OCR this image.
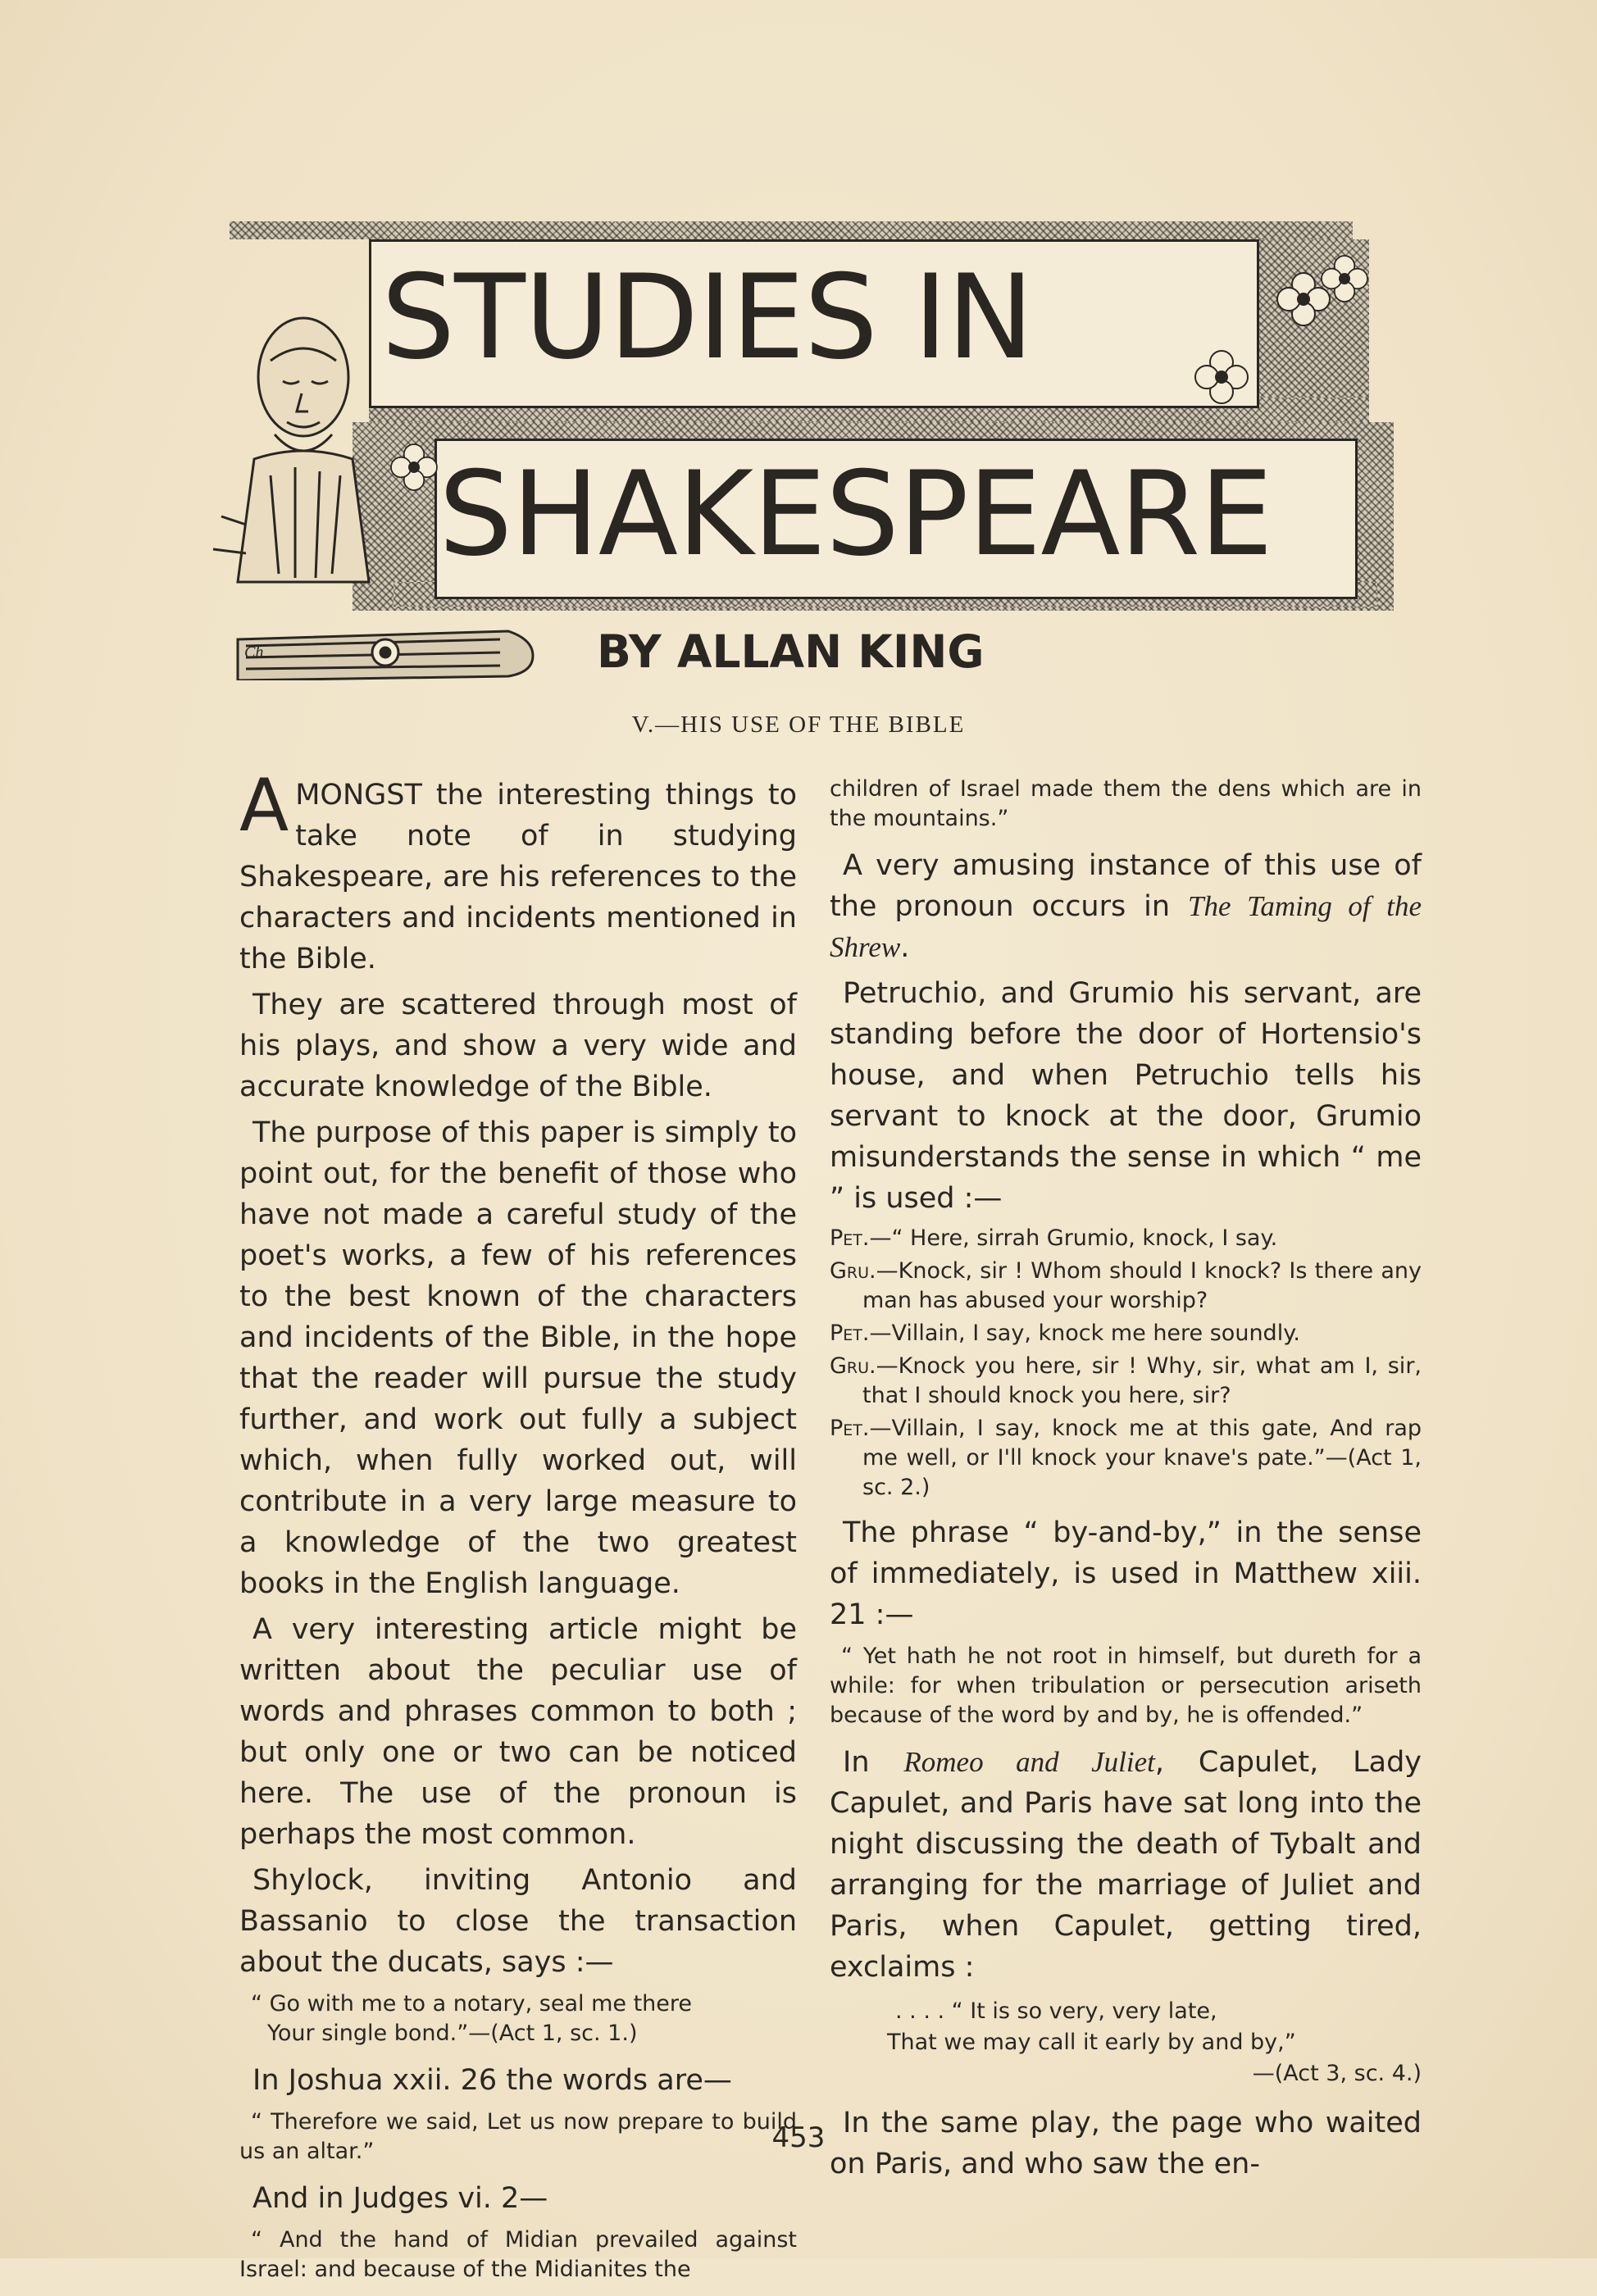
STUDIES IN
SHAKESPEARE
Ch	BY ALLAN KING

V.—HIS USE OF THE BIBLE

AMONGST the interesting things to take note of in studying Shakespeare, are his references to the characters and incidents mentioned in the Bible.

They are scattered through most of his plays, and show a very wide and accurate knowledge of the Bible.

The purpose of this paper is simply to point out, for the benefit of those who have not made a careful study of the poet's works, a few of his references to the best known of the characters and incidents of the Bible, in the hope that the reader will pursue the study further, and work out fully a subject which, when fully worked out, will contribute in a very large measure to a knowledge of the two greatest books in the English language.

A very interesting article might be written about the peculiar use of words and phrases common to both ; but only one or two can be noticed here. The use of the pronoun is perhaps the most common.

Shylock, inviting Antonio and Bassanio to close the transaction about the ducats, says :—

“ Go with me to a notary, seal me there
Your single bond.”—(Act 1, sc. 1.)

In Joshua xxii. 26 the words are—

“ Therefore we said, Let us now prepare to build us an altar.”

And in Judges vi. 2—

“ And the hand of Midian prevailed against Israel: and because of the Midianites the

children of Israel made them the dens which are in the mountains.”

A very amusing instance of this use of the pronoun occurs in The Taming of the Shrew.

Petruchio, and Grumio his servant, are standing before the door of Hortensio's house, and when Petruchio tells his servant to knock at the door, Grumio misunderstands the sense in which “ me ” is used :—

Pet.—“ Here, sirrah Grumio, knock, I say.

Gru.—Knock, sir ! Whom should I knock? Is there any man has abused your worship?

Pet.—Villain, I say, knock me here soundly.

Gru.—Knock you here, sir ! Why, sir, what am I, sir, that I should knock you here, sir?

Pet.—Villain, I say, knock me at this gate, And rap me well, or I'll knock your knave's pate.”—(Act 1, sc. 2.)

The phrase “ by-and-by,” in the sense of immediately, is used in Matthew xiii. 21 :—

“ Yet hath he not root in himself, but dureth for a while: for when tribulation or persecution ariseth because of the word by and by, he is offended.”

In Romeo and Juliet, Capulet, Lady Capulet, and Paris have sat long into the night discussing the death of Tybalt and arranging for the marriage of Juliet and Paris, when Capulet, getting tired, exclaims :

. . . . “ It is so very, very late,
That we may call it early by and by,”
—(Act 3, sc. 4.)

In the same play, the page who waited on Paris, and who saw the en-

453
